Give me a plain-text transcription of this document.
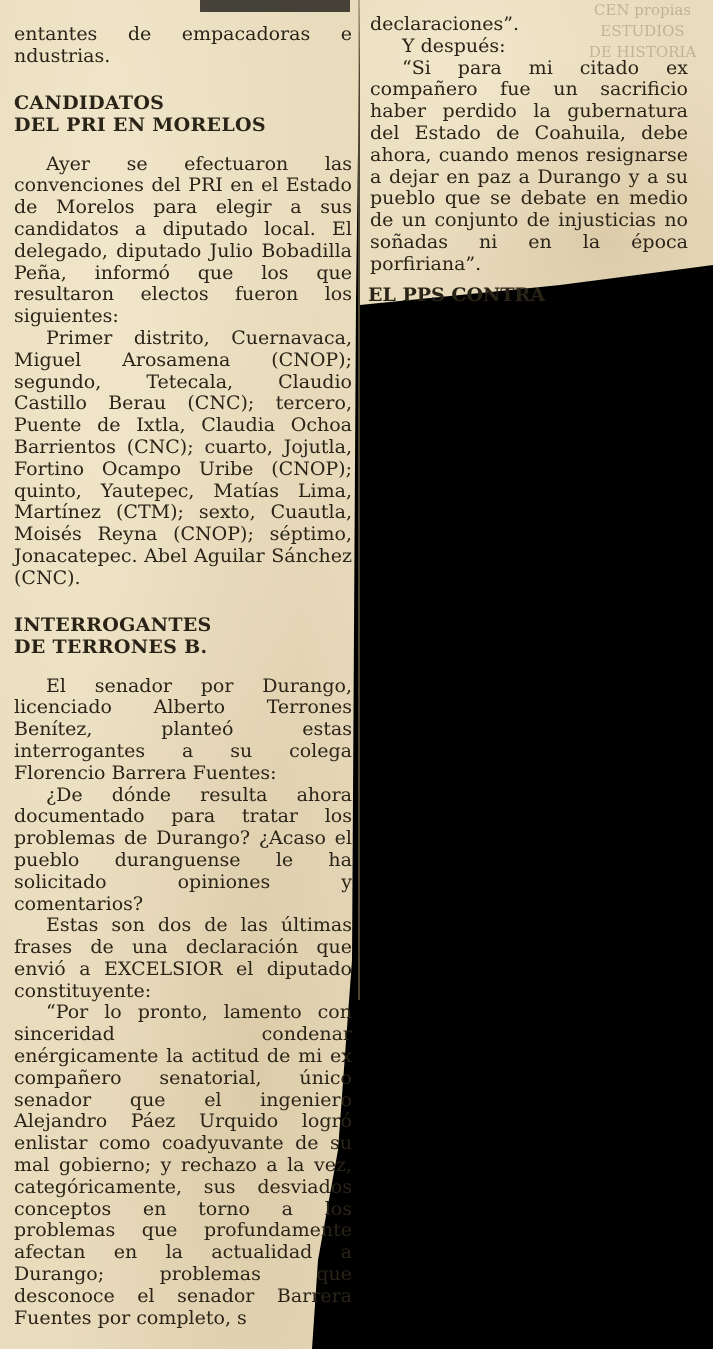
CEN propias
ESTUDIOS
DE HISTORIA

entantes de empacadoras e ndustrias.

CANDIDATOS

DEL PRI EN MORELOS

Ayer se efectuaron las convenciones del PRI en el Estado de Morelos para elegir a sus candidatos a diputado local. El delegado, diputado Julio Bobadilla Peña, informó que los que resultaron electos fueron los siguientes:

Primer distrito, Cuernavaca, Miguel Arosamena (CNOP); segundo, Tetecala, Claudio Castillo Berau (CNC); tercero, Puente de Ixtla, Claudia Ochoa Barrientos (CNC); cuarto, Jojutla, Fortino Ocampo Uribe (CNOP); quinto, Yautepec, Matías Lima, Martínez (CTM); sexto, Cuautla, Moisés Reyna (CNOP); séptimo, Jonacatepec. Abel Aguilar Sánchez (CNC).

INTERROGANTES

DE TERRONES B.

El senador por Durango, licenciado Alberto Terrones Benítez, planteó estas interrogantes a su colega Florencio Barrera Fuentes:

¿De dónde resulta ahora documentado para tratar los problemas de Durango? ¿Acaso el pueblo duranguense le ha solicitado opiniones y comentarios?

Estas son dos de las últimas frases de una declaración que envió a EXCELSIOR el diputado constituyente:

“Por lo pronto, lamento con sinceridad condenar enérgicamente la actitud de mi ex compañero senatorial, único senador que el ingeniero Alejandro Páez Urquido logró enlistar como coadyuvante de su mal gobierno; y rechazo a la vez, categóricamente, sus desviados conceptos en torno a los problemas que profundamente afectan en la actualidad a Durango; problemas que desconoce el senador Barrera Fuentes por completo, s

declaraciones”.

Y después:

“Si para mi citado ex compañero fue un sacrificio haber perdido la gubernatura del Estado de Coahuila, debe ahora, cuando menos resignarse a dejar en paz a Durango y a su pueblo que se debate en medio de un conjunto de injusticias no soñadas ni en la época porfiriana”.

EL PPS CONTRA
